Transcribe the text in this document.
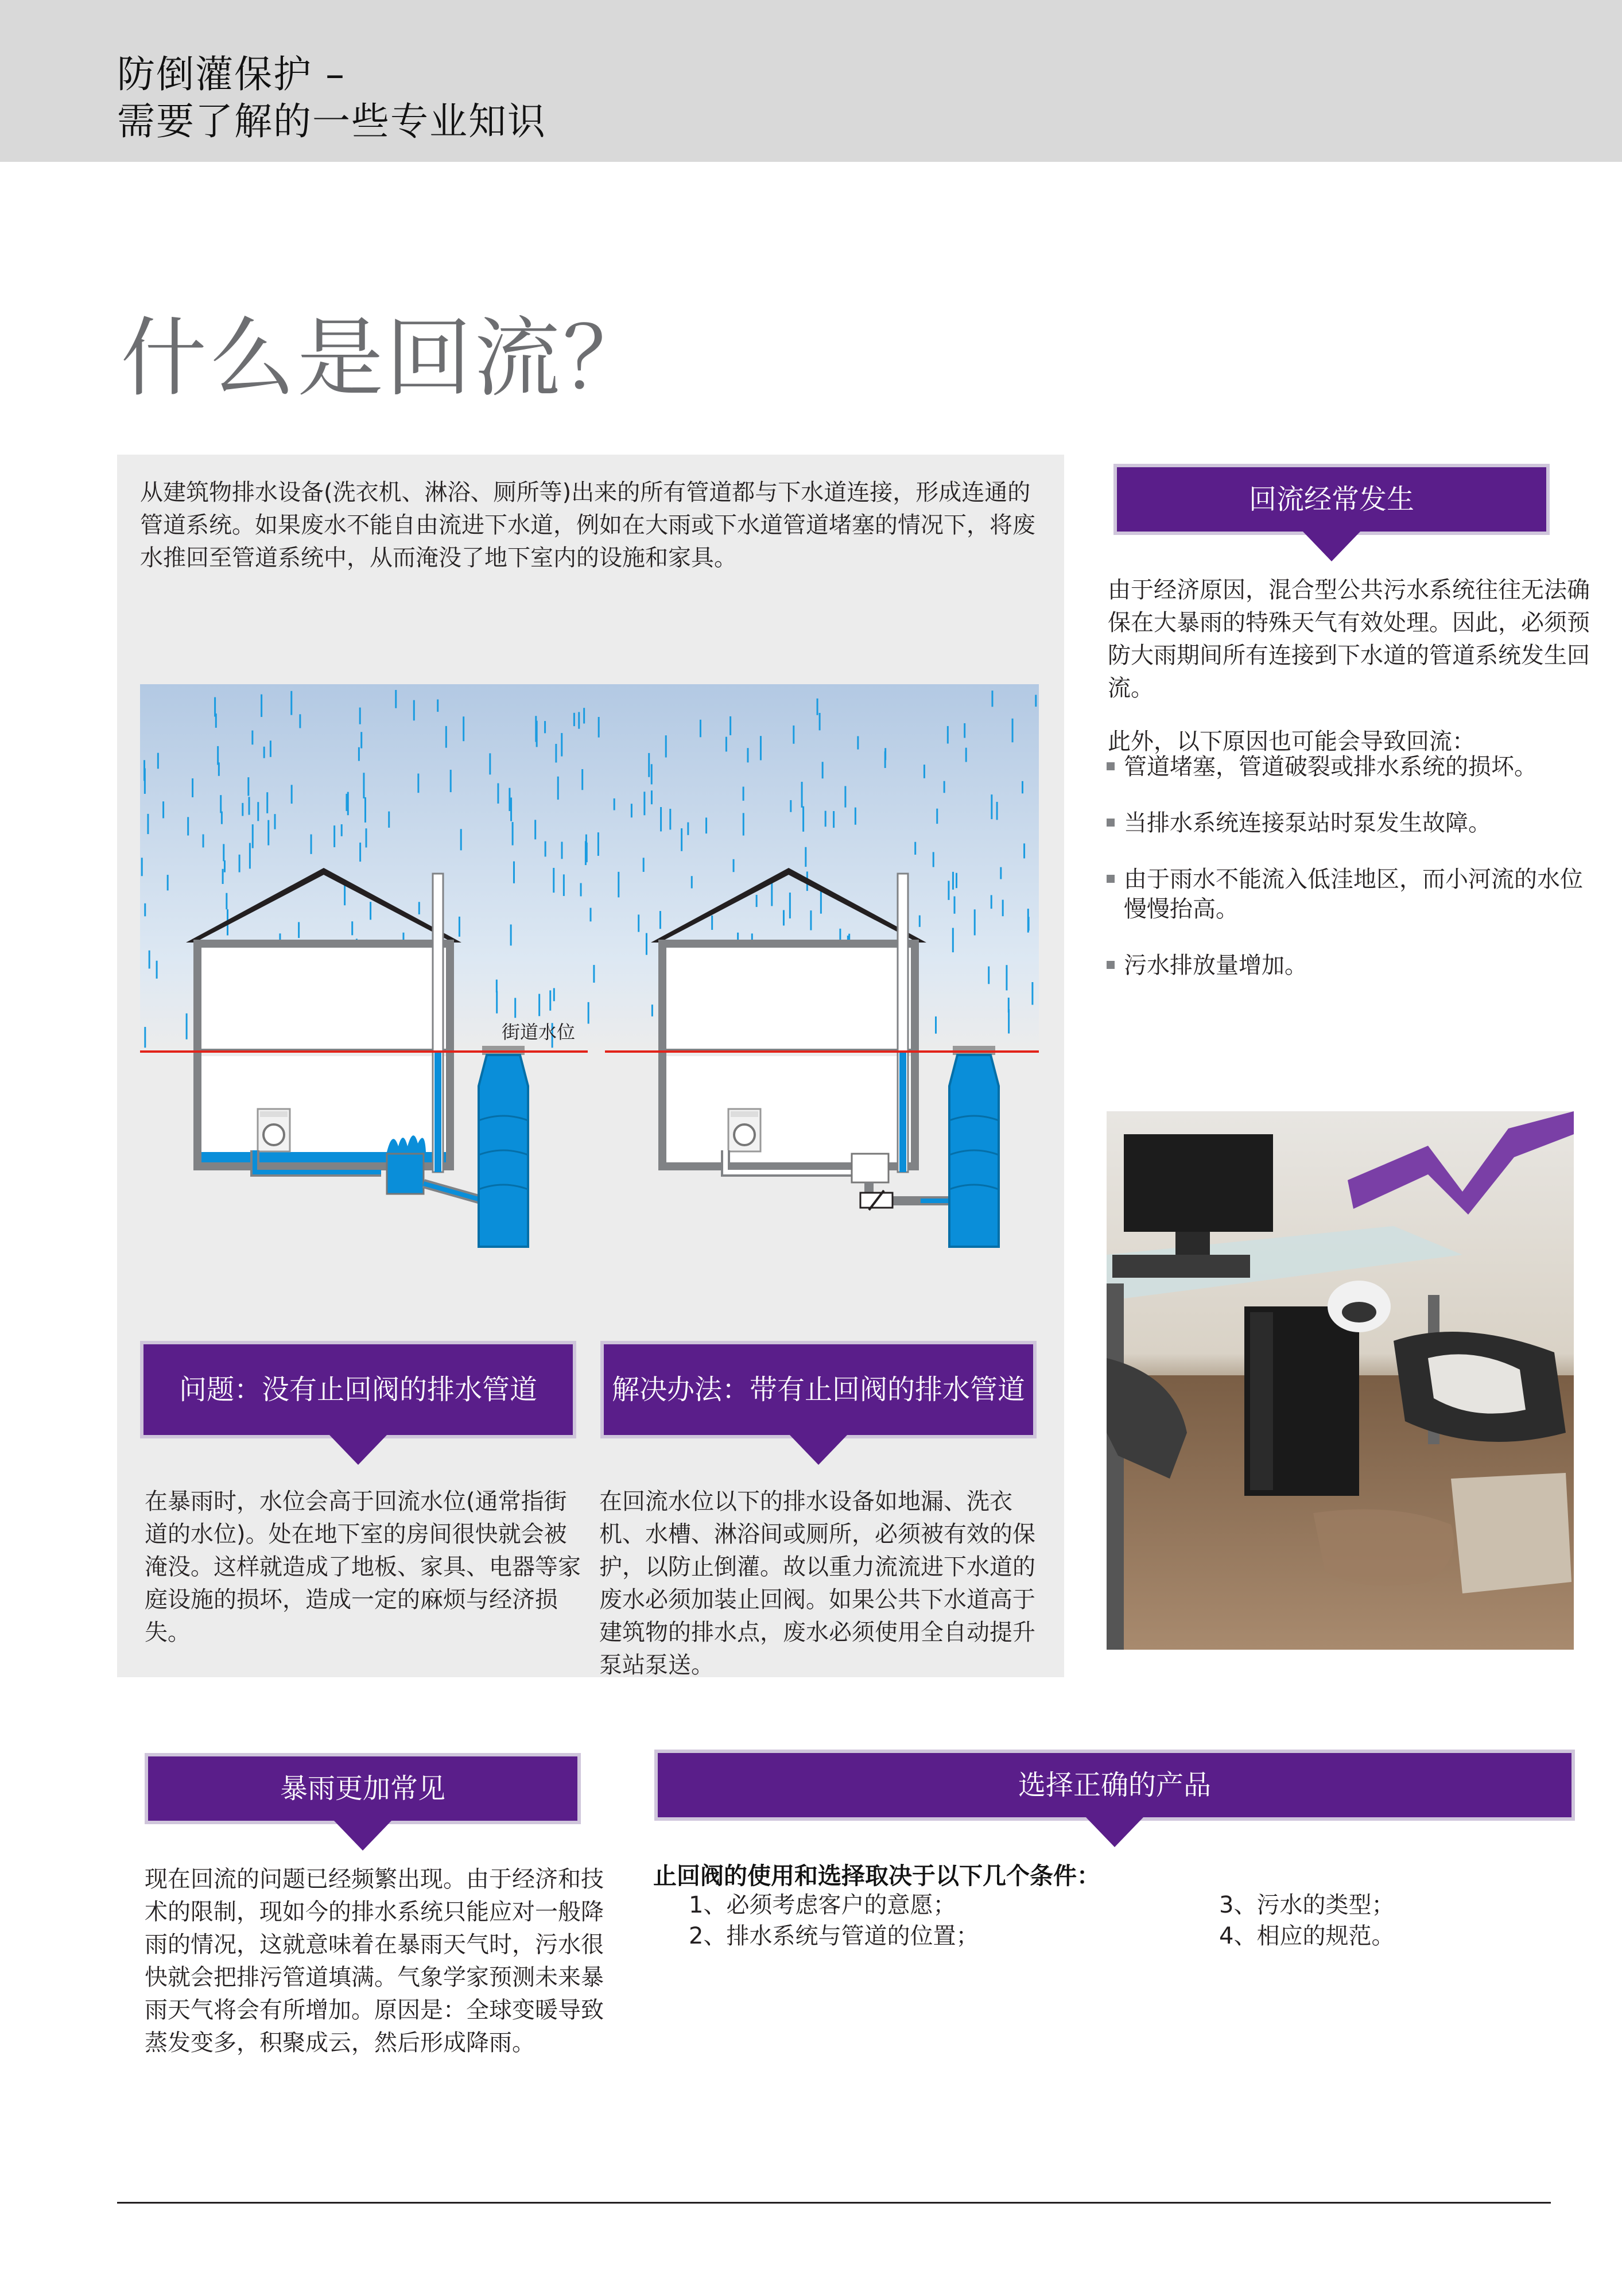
防倒灌保护 –
需要了解的一些专业知识
什么是回流？

从建筑物排水设备(洗衣机、淋浴、厕所等)出来的所有管道都与下水道连接，形成连通的管道系统。如果废水不能自由流进下水道，例如在大雨或下水道管道堵塞的情况下，将废水推回至管道系统中，从而淹没了地下室内的设施和家具。

街道水位
问题：没有止回阀的排水管道	解决办法：带有止回阀的排水管道

在暴雨时，水位会高于回流水位(通常指街道的水位)。处在地下室的房间很快就会被淹没。这样就造成了地板、家具、电器等家庭设施的损坏，造成一定的麻烦与经济损失。

在回流水位以下的排水设备如地漏、洗衣机、水槽、淋浴间或厕所，必须被有效的保护，以防止倒灌。故以重力流流进下水道的废水必须加装止回阀。如果公共下水道高于建筑物的排水点，废水必须使用全自动提升泵站泵送。

回流经常发生

由于经济原因，混合型公共污水系统往往无法确保在大暴雨的特殊天气有效处理。因此，必须预防大雨期间所有连接到下水道的管道系统发生回流。

此外，以下原因也可能会导致回流：

管道堵塞，管道破裂或排水系统的损坏。
当排水系统连接泵站时泵发生故障。
由于雨水不能流入低洼地区，而小河流的水位慢慢抬高。
污水排放量增加。
暴雨更加常见

现在回流的问题已经频繁出现。由于经济和技术的限制，现如今的排水系统只能应对一般降雨的情况，这就意味着在暴雨天气时，污水很快就会把排污管道填满。气象学家预测未来暴雨天气将会有所增加。原因是：全球变暖导致蒸发变多，积聚成云，然后形成降雨。

选择正确的产品
止回阀的使用和选择取决于以下几个条件：
1、必须考虑客户的意愿；
2、排水系统与管道的位置；
3、污水的类型；
4、相应的规范。
